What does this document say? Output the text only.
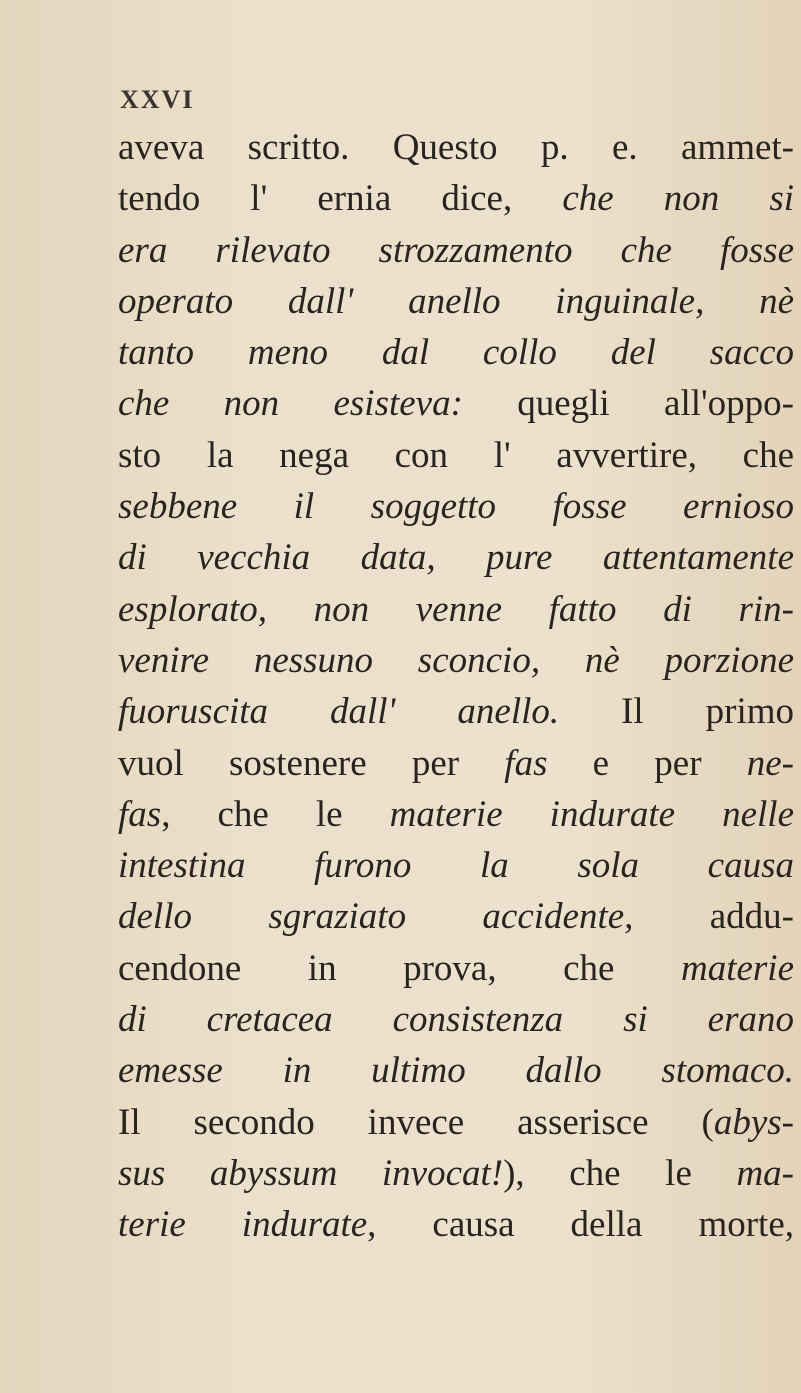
XXVI
aveva scritto. Questo p. e. ammet-
tendo l' ernia dice, che non si
era rilevato strozzamento che fosse
operato dall' anello inguinale, nè
tanto meno dal collo del sacco
che non esisteva: quegli all'oppo-
sto la nega con l' avvertire, che
sebbene il soggetto fosse ernioso
di vecchia data, pure attentamente
esplorato, non venne fatto di rin-
venire nessuno sconcio, nè porzione
fuoruscita dall' anello. Il primo
vuol sostenere per fas e per ne-
fas, che le materie indurate nelle
intestina furono la sola causa
dello sgraziato accidente, addu-
cendone in prova, che materie
di cretacea consistenza si erano
emesse in ultimo dallo stomaco.
Il secondo invece asserisce (abys-
sus abyssum invocat!), che le ma-
terie indurate, causa della morte,
